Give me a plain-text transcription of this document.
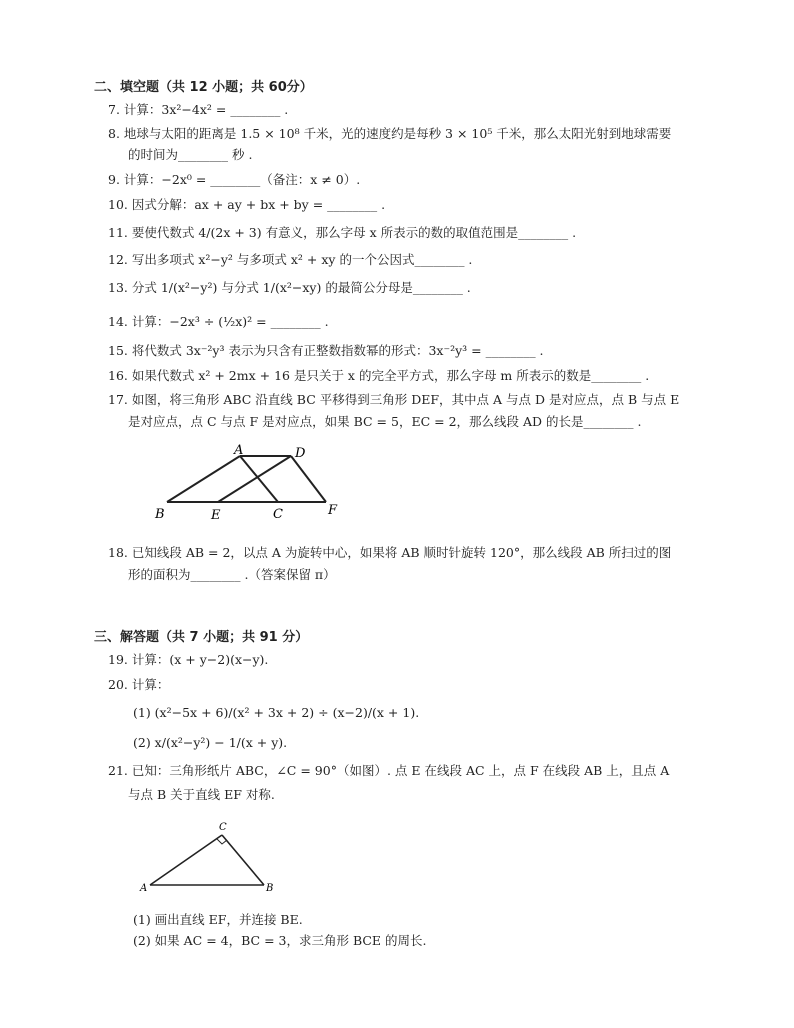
二、填空题（共 12 小题；共 60分）
7. 计算：3x²−4x² = ________ .
8. 地球与太阳的距离是 1.5 × 10⁸ 千米，光的速度约是每秒 3 × 10⁵ 千米，那么太阳光射到地球需要
的时间为________ 秒 .
9. 计算：−2x⁰ = ________（备注：x ≠ 0）.
10. 因式分解：ax + ay + bx + by = ________ .
11. 要使代数式 4/(2x + 3) 有意义，那么字母 x 所表示的数的取值范围是________ .
12. 写出多项式 x²−y² 与多项式 x² + xy 的一个公因式________ .
13. 分式 1/(x²−y²) 与分式 1/(x²−xy) 的最简公分母是________ .
14. 计算：−2x³ ÷ (½x)² = ________ .
15. 将代数式 3x⁻²y³ 表示为只含有正整数指数幂的形式：3x⁻²y³ = ________ .
16. 如果代数式 x² + 2mx + 16 是只关于 x 的完全平方式，那么字母 m 所表示的数是________ .
17. 如图，将三角形 ABC 沿直线 BC 平移得到三角形 DEF，其中点 A 与点 D 是对应点，点 B 与点 E
是对应点，点 C 与点 F 是对应点，如果 BC = 5，EC = 2，那么线段 AD 的长是________ .
A	D
B	E	C	F
18. 已知线段 AB = 2，以点 A 为旋转中心，如果将 AB 顺时针旋转 120°，那么线段 AB 所扫过的图
形的面积为________ .（答案保留 π）
三、解答题（共 7 小题；共 91 分）
19. 计算：(x + y−2)(x−y).
20. 计算：
(1) (x²−5x + 6)/(x² + 3x + 2) ÷ (x−2)/(x + 1).
(2) x/(x²−y²) − 1/(x + y).
21. 已知：三角形纸片 ABC，∠C = 90°（如图）. 点 E 在线段 AC 上，点 F 在线段 AB 上，且点 A
与点 B 关于直线 EF 对称.
C
A	B
(1) 画出直线 EF，并连接 BE.
(2) 如果 AC = 4，BC = 3，求三角形 BCE 的周长.
